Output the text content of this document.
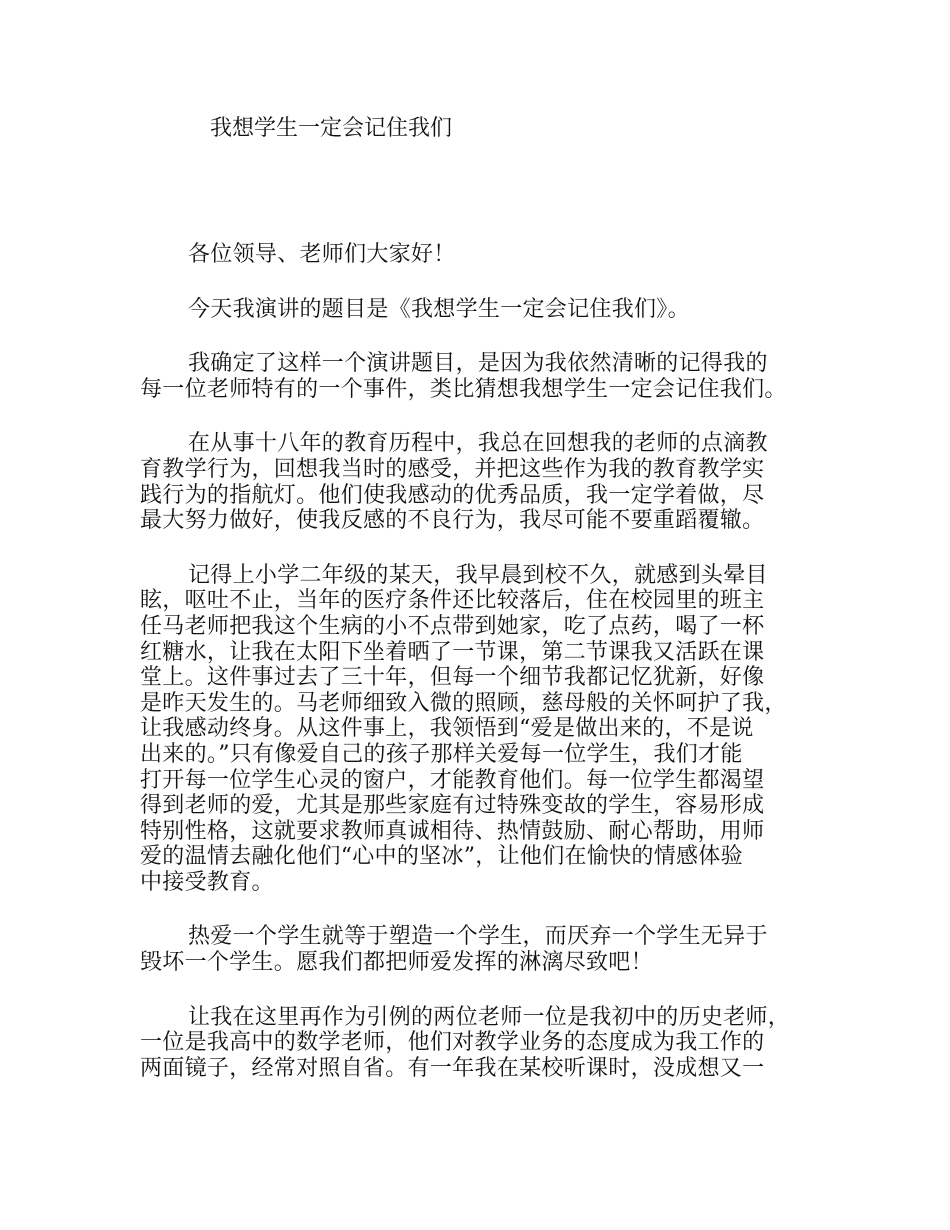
我想学生一定会记住我们
各位领导、老师们大家好！
今天我演讲的题目是《我想学生一定会记住我们》。
我确定了这样一个演讲题目，是因为我依然清晰的记得我的
每一位老师特有的一个事件，类比猜想我想学生一定会记住我们。
在从事十八年的教育历程中，我总在回想我的老师的点滴教
育教学行为，回想我当时的感受，并把这些作为我的教育教学实
践行为的指航灯。他们使我感动的优秀品质，我一定学着做，尽
最大努力做好，使我反感的不良行为，我尽可能不要重蹈覆辙。
记得上小学二年级的某天，我早晨到校不久，就感到头晕目
眩，呕吐不止，当年的医疗条件还比较落后，住在校园里的班主
任马老师把我这个生病的小不点带到她家，吃了点药，喝了一杯
红糖水，让我在太阳下坐着晒了一节课，第二节课我又活跃在课
堂上。这件事过去了三十年，但每一个细节我都记忆犹新，好像
是昨天发生的。马老师细致入微的照顾，慈母般的关怀呵护了我，
让我感动终身。从这件事上，我领悟到“爱是做出来的，不是说
出来的。”只有像爱自己的孩子那样关爱每一位学生，我们才能
打开每一位学生心灵的窗户，才能教育他们。每一位学生都渴望
得到老师的爱，尤其是那些家庭有过特殊变故的学生，容易形成
特别性格，这就要求教师真诚相待、热情鼓励、耐心帮助，用师
爱的温情去融化他们“心中的坚冰”，让他们在愉快的情感体验
中接受教育。
热爱一个学生就等于塑造一个学生，而厌弃一个学生无异于
毁坏一个学生。愿我们都把师爱发挥的淋漓尽致吧！
让我在这里再作为引例的两位老师一位是我初中的历史老师，
一位是我高中的数学老师，他们对教学业务的态度成为我工作的
两面镜子，经常对照自省。有一年我在某校听课时，没成想又一
